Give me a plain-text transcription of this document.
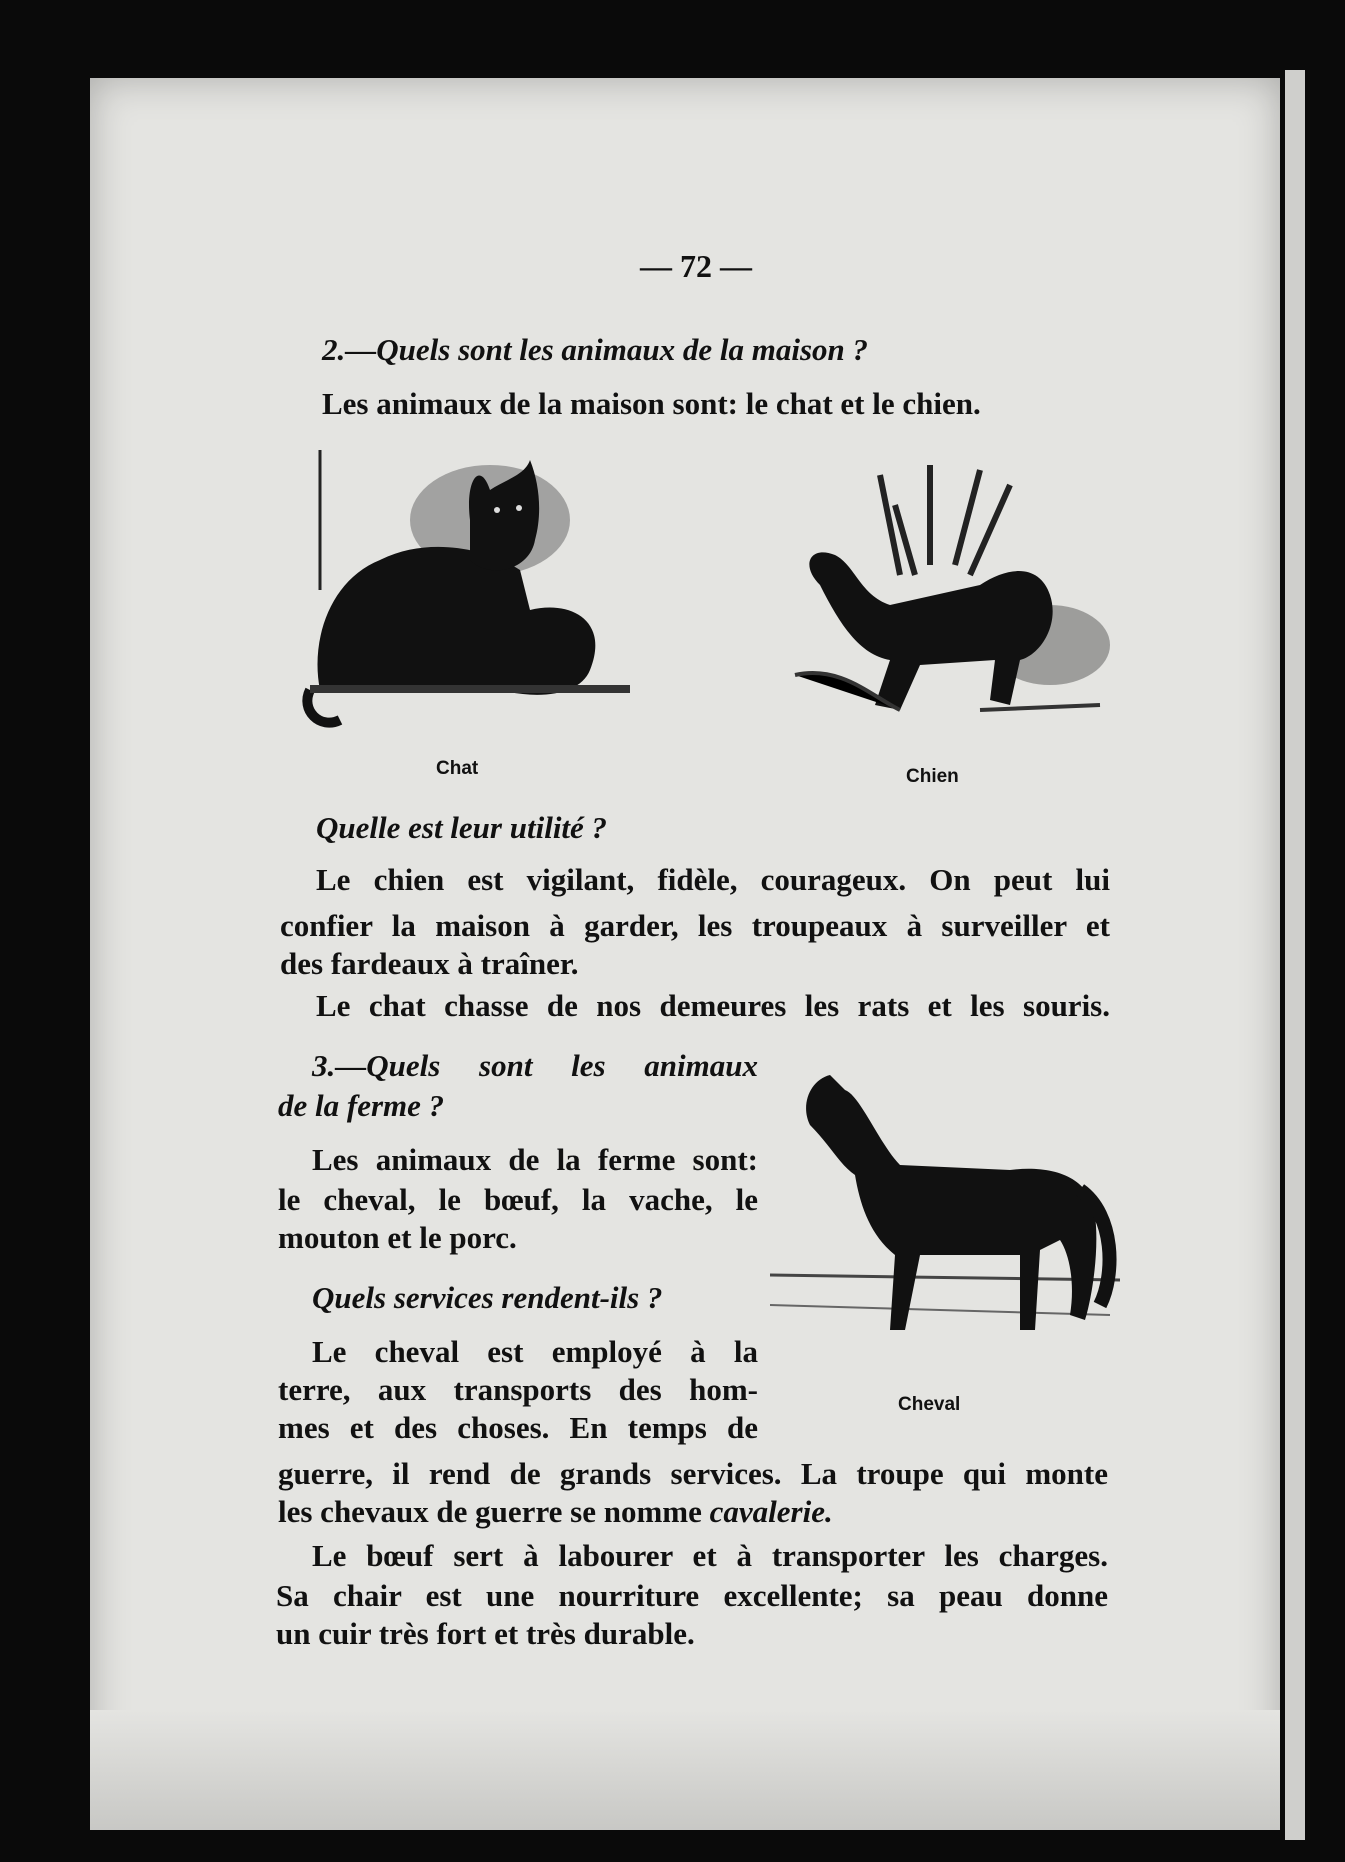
— 72 —
2.—Quels sont les animaux de la maison ?
Les animaux de la maison sont: le chat et le chien.
Chat	Chien
Quelle est leur utilité ?
Le chien est vigilant, fidèle, courageux. On peut lui
confier la maison à garder, les troupeaux à surveiller et
des fardeaux à traîner.
Le chat chasse de nos demeures les rats et les souris.
3.—Quels sont les animaux
de la ferme ?
Les animaux de la ferme sont:
le cheval, le bœuf, la vache, le
mouton et le porc.
Cheval
Quels services rendent-ils ?
Le cheval est employé à la
terre, aux transports des hom-
mes et des choses. En temps de
guerre, il rend de grands services. La troupe qui monte
les chevaux de guerre se nomme cavalerie.
Le bœuf sert à labourer et à transporter les charges.
Sa chair est une nourriture excellente; sa peau donne
un cuir très fort et très durable.
